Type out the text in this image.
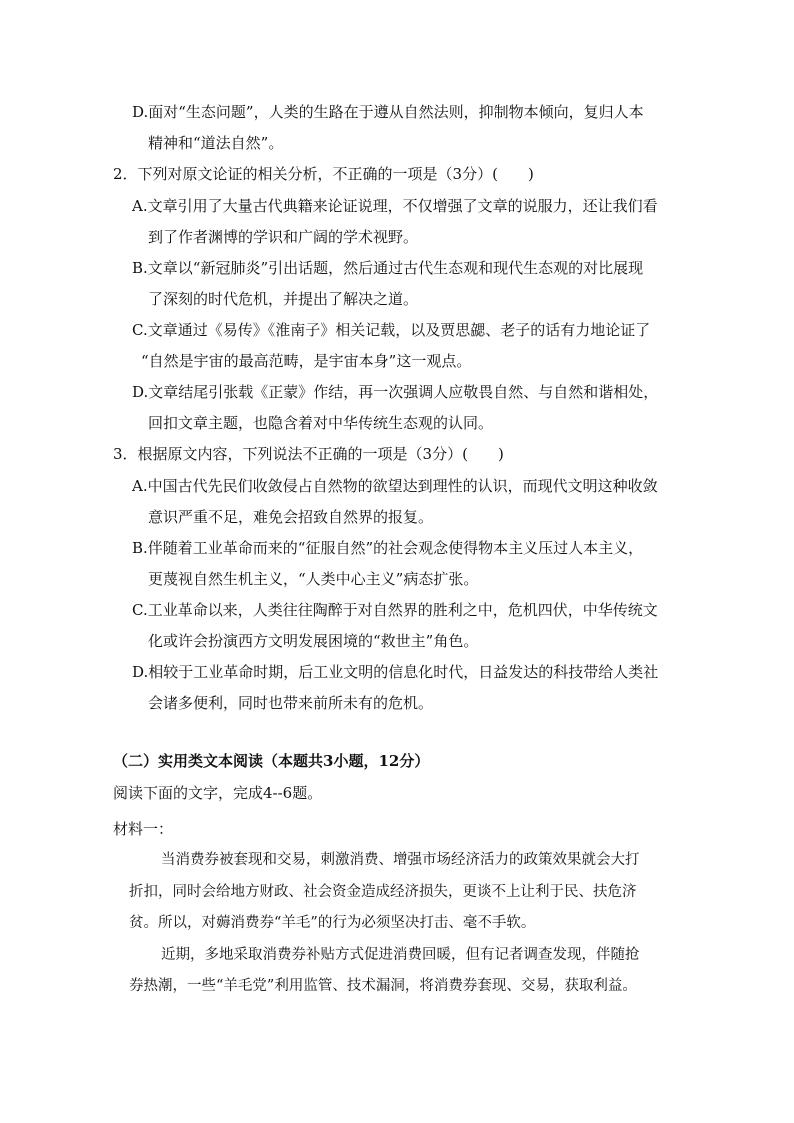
D.面对“生态问题”，人类的生路在于遵从自然法则，抑制物本倾向，复归人本
精神和“道法自然”。
2．下列对原文论证的相关分析，不正确的一项是（3分）(　　)
A.文章引用了大量古代典籍来论证说理，不仅增强了文章的说服力，还让我们看
到了作者渊博的学识和广阔的学术视野。
B.文章以“新冠肺炎”引出话题，然后通过古代生态观和现代生态观的对比展现
了深刻的时代危机，并提出了解决之道。
C.文章通过《易传》《淮南子》相关记载，以及贾思勰、老子的话有力地论证了
“自然是宇宙的最高范畴，是宇宙本身”这一观点。
D.文章结尾引张载《正蒙》作结，再一次强调人应敬畏自然、与自然和谐相处，
回扣文章主题，也隐含着对中华传统生态观的认同。
3．根据原文内容，下列说法不正确的一项是（3分）(　　)
A.中国古代先民们收敛侵占自然物的欲望达到理性的认识，而现代文明这种收敛
意识严重不足，难免会招致自然界的报复。
B.伴随着工业革命而来的“征服自然”的社会观念使得物本主义压过人本主义，
更蔑视自然生机主义，“人类中心主义”病态扩张。
C.工业革命以来，人类往往陶醉于对自然界的胜利之中，危机四伏，中华传统文
化或许会扮演西方文明发展困境的“救世主”角色。
D.相较于工业革命时期，后工业文明的信息化时代，日益发达的科技带给人类社
会诸多便利，同时也带来前所未有的危机。
（二）实用类文本阅读（本题共3小题，12分）
阅读下面的文字，完成4--6题。
材料一：
当消费券被套现和交易，刺激消费、增强市场经济活力的政策效果就会大打
折扣，同时会给地方财政、社会资金造成经济损失，更谈不上让利于民、扶危济
贫。所以，对薅消费券“羊毛”的行为必须坚决打击、毫不手软。
近期，多地采取消费券补贴方式促进消费回暖，但有记者调查发现，伴随抢
券热潮，一些“羊毛党”利用监管、技术漏洞，将消费券套现、交易，获取利益。
